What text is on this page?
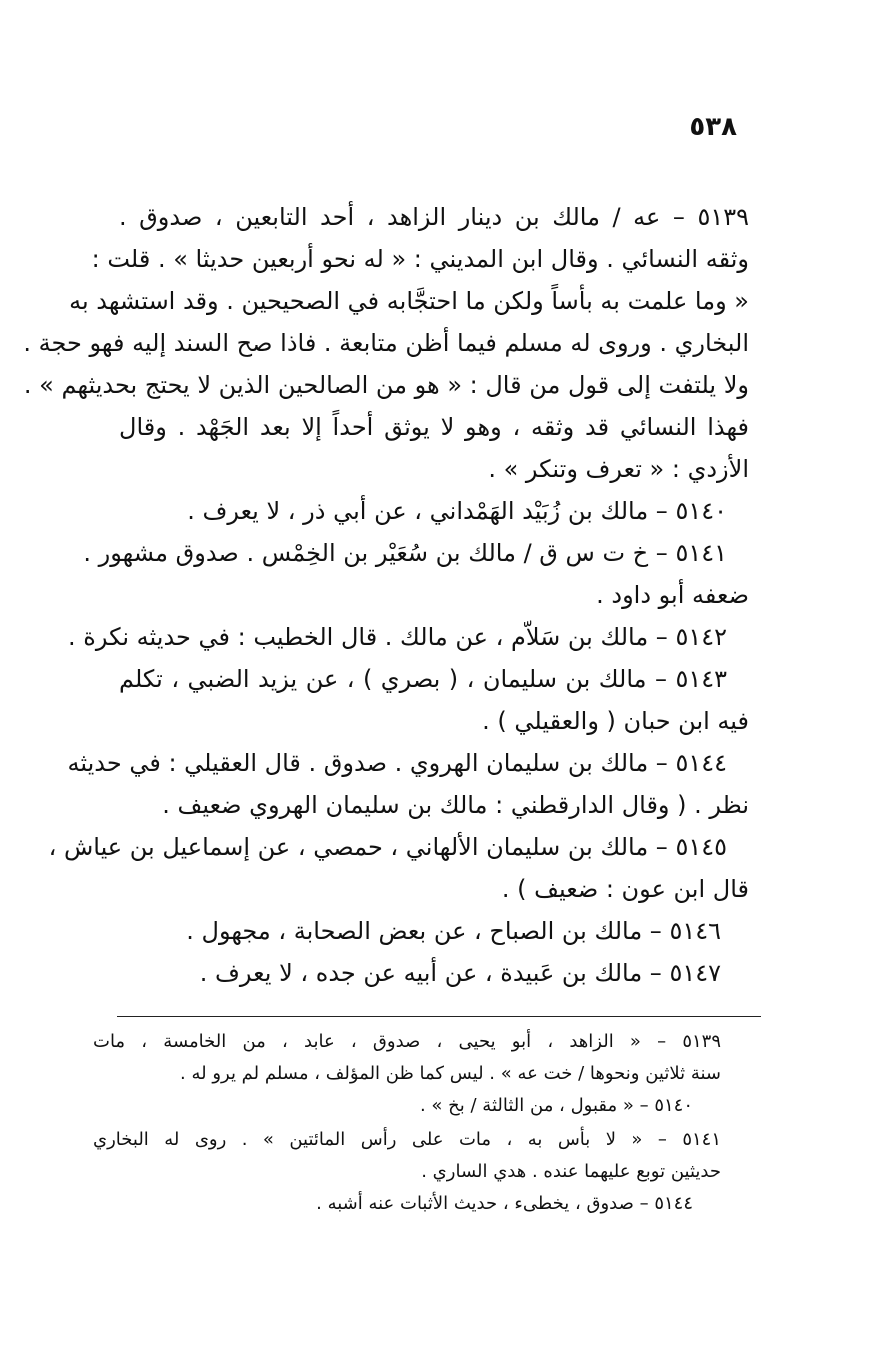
٥٣٨
٥١٣٩ – عه / مالك بن دينار الزاهد ، أحد التابعين ، صدوق .
وثقه النسائي . وقال ابن المديني : « له نحو أربعين حديثا » . قلت :
« وما علمت به بأساً ولكن ما احتجَّابه في الصحيحين . وقد استشهد به
البخاري . وروى له مسلم فيما أظن متابعة . فاذا صح السند إليه فهو حجة .
ولا يلتفت إلى قول من قال : « هو من الصالحين الذين لا يحتج بحديثهم » .
فهذا النسائي قد وثقه ، وهو لا يوثق أحداً إلا بعد الجَهْد . وقال
الأزدي : « تعرف وتنكر » .
٥١٤٠ – مالك بن زُبَيْد الهَمْداني ، عن أبي ذر ، لا يعرف .
٥١٤١ – خ ت س ق / مالك بن سُعَيْر بن الخِمْس . صدوق مشهور .
ضعفه أبو داود .
٥١٤٢ – مالك بن سَلاّم ، عن مالك . قال الخطيب : في حديثه نكرة .
٥١٤٣ – مالك بن سليمان ، ( بصري ) ، عن يزيد الضبي ، تكلم
فيه ابن حبان ( والعقيلي ) .
٥١٤٤ – مالك بن سليمان الهروي . صدوق . قال العقيلي : في حديثه
نظر . ( وقال الدارقطني : مالك بن سليمان الهروي ضعيف .
٥١٤٥ – مالك بن سليمان الألهاني ، حمصي ، عن إسماعيل بن عياش ،
قال ابن عون : ضعيف ) .
٥١٤٦ – مالك بن الصباح ، عن بعض الصحابة ، مجهول .
٥١٤٧ – مالك بن عَبيدة ، عن أبيه عن جده ، لا يعرف .
٥١٣٩ – « الزاهد ، أبو يحيى ، صدوق ، عابد ، من الخامسة ، مات
سنة ثلاثين ونحوها / خت عه » . ليس كما ظن المؤلف ، مسلم لم يرو له .
٥١٤٠ – « مقبول ، من الثالثة / بخ » .
٥١٤١ – « لا بأس به ، مات على رأس المائتين » . روى له البخاري
حديثين توبع عليهما عنده . هدي الساري .
٥١٤٤ – صدوق ، يخطىء ، حديث الأثبات عنه أشبه .
